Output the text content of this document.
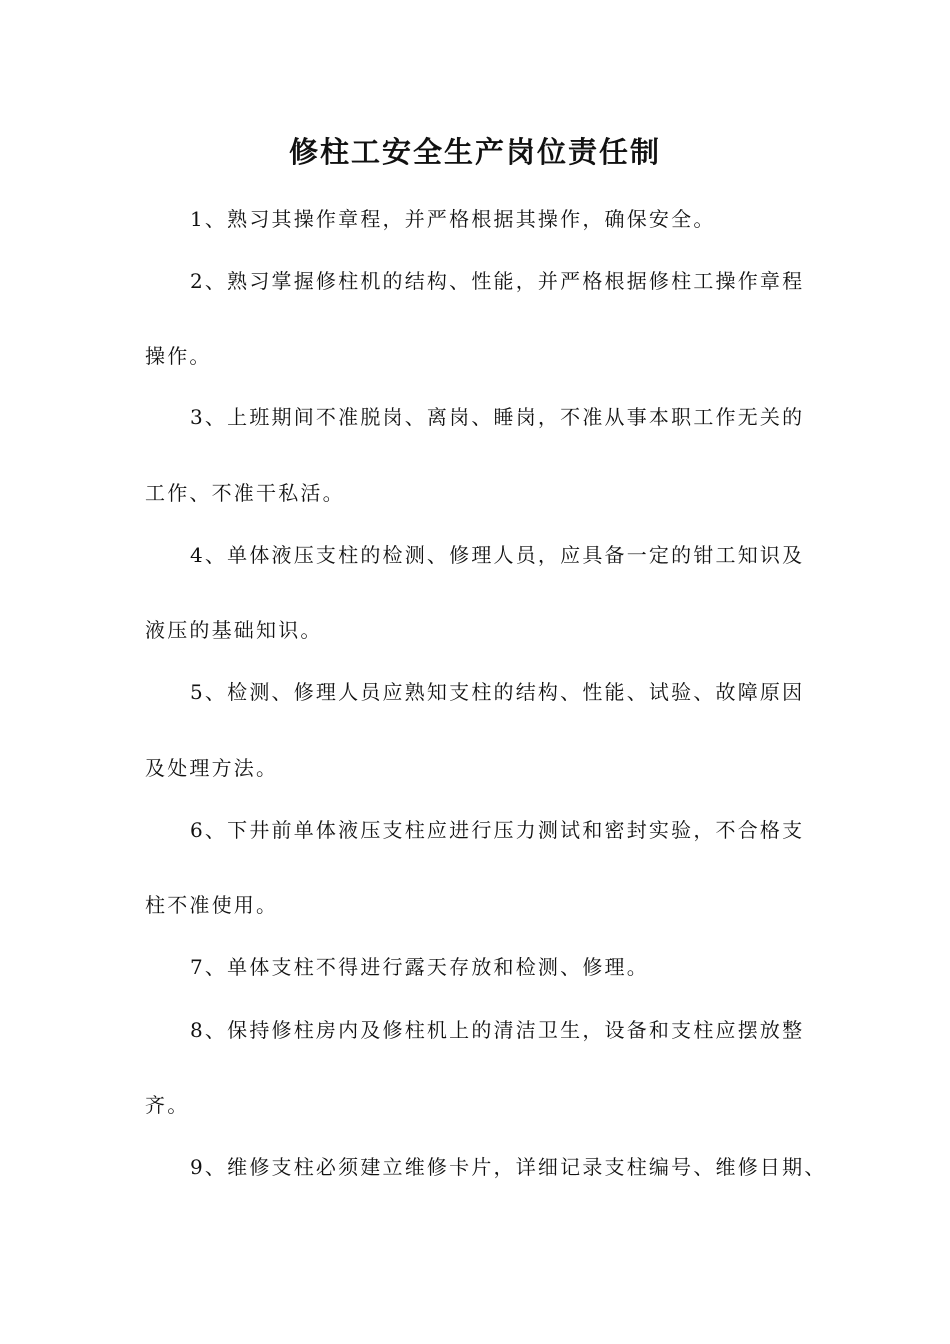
修柱工安全生产岗位责任制

1、熟习其操作章程，并严格根据其操作，确保安全。

2、熟习掌握修柱机的结构、性能，并严格根据修柱工操作章程

操作。

3、上班期间不准脱岗、离岗、睡岗，不准从事本职工作无关的

工作、不准干私活。

4、单体液压支柱的检测、修理人员，应具备一定的钳工知识及

液压的基础知识。

5、检测、修理人员应熟知支柱的结构、性能、试验、故障原因

及处理方法。

6、下井前单体液压支柱应进行压力测试和密封实验，不合格支

柱不准使用。

7、单体支柱不得进行露天存放和检测、修理。

8、保持修柱房内及修柱机上的清洁卫生，设备和支柱应摆放整

齐。

9、维修支柱必须建立维修卡片，详细记录支柱编号、维修日期、
